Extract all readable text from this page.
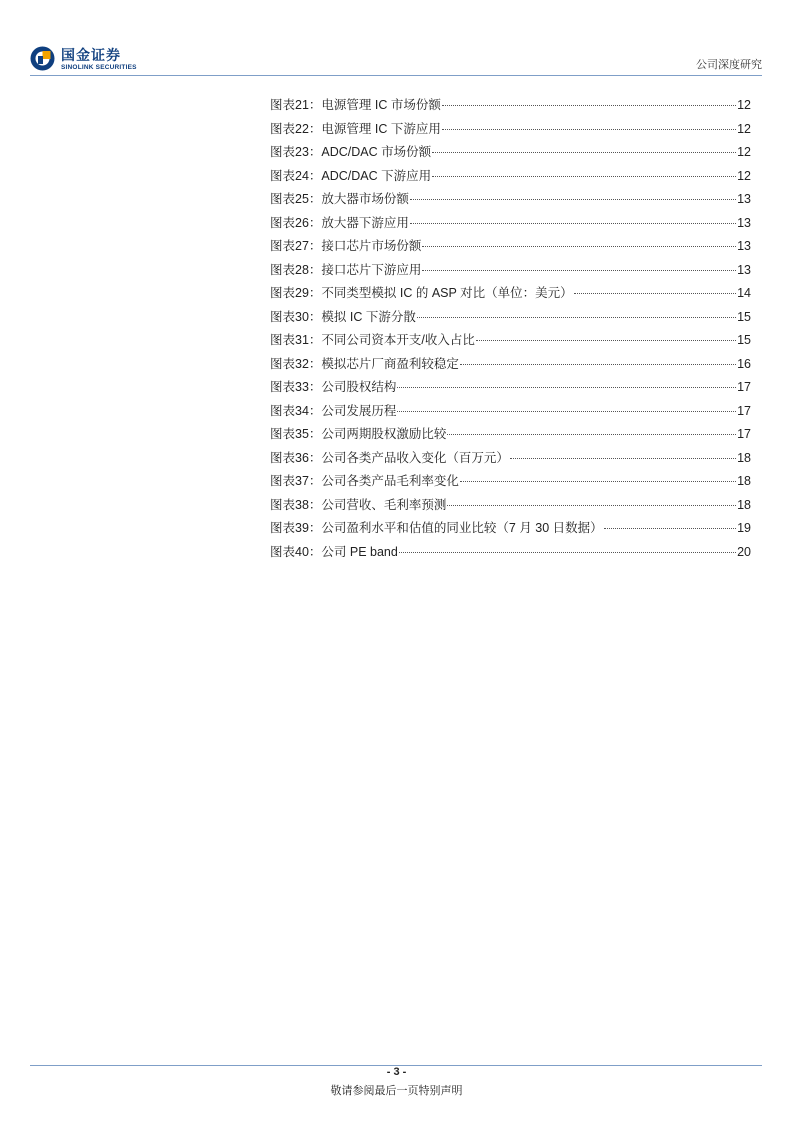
国金证券
SINOLINK SECURITIES	公司深度研究
图表21：电源管理 IC 市场份额	12
图表22：电源管理 IC 下游应用	12
图表23：ADC/DAC 市场份额	12
图表24：ADC/DAC 下游应用	12
图表25：放大器市场份额	13
图表26：放大器下游应用	13
图表27：接口芯片市场份额	13
图表28：接口芯片下游应用	13
图表29：不同类型模拟 IC 的 ASP 对比（单位：美元）	14
图表30：模拟 IC 下游分散	15
图表31：不同公司资本开支/收入占比	15
图表32：模拟芯片厂商盈利较稳定	16
图表33：公司股权结构	17
图表34：公司发展历程	17
图表35：公司两期股权激励比较	17
图表36：公司各类产品收入变化（百万元）	18
图表37：公司各类产品毛利率变化	18
图表38：公司营收、毛利率预测	18
图表39：公司盈利水平和估值的同业比较（7 月 30 日数据）	19
图表40：公司 PE band	20
- 3 -
敬请参阅最后一页特别声明
